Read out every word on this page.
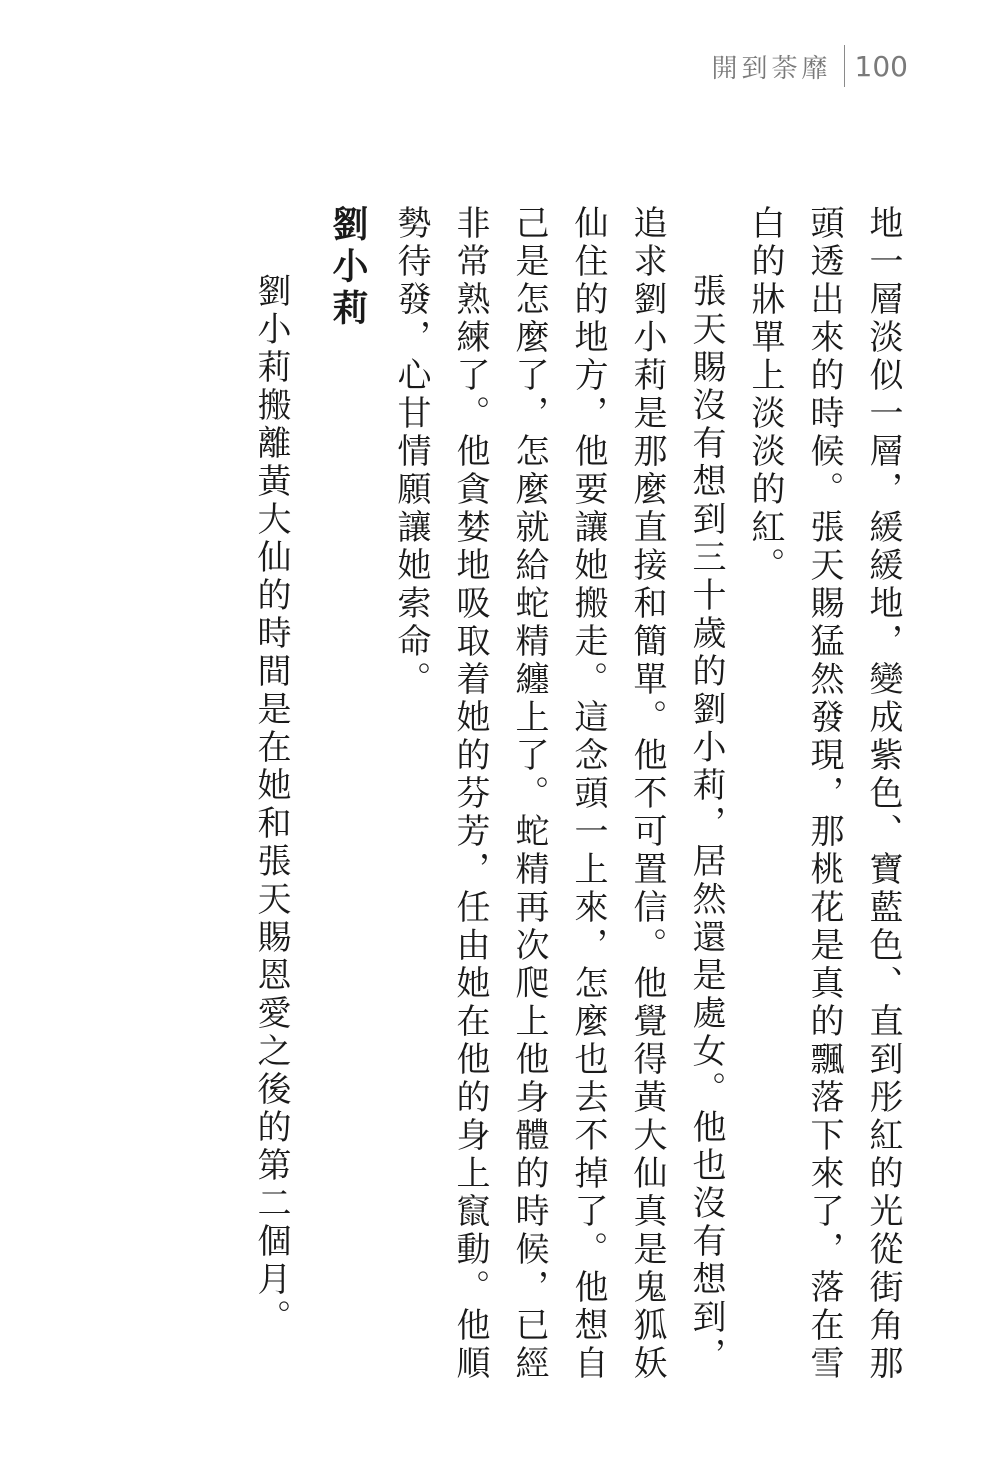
開到荼靡 100

地一層淡似一層，緩緩地，變成紫色、寶藍色、直到彤紅的光從街角那頭透出來的時候。張天賜猛然發現，那桃花是真的飄落下來了，落在雪白的牀單上淡淡的紅。

張天賜沒有想到三十歲的劉小莉，居然還是處女。他也沒有想到，追求劉小莉是那麼直接和簡單。他不可置信。他覺得黃大仙真是鬼狐妖仙住的地方，他要讓她搬走。這念頭一上來，怎麼也去不掉了。他想自己是怎麼了，怎麼就給蛇精纏上了。蛇精再次爬上他身體的時候，已經非常熟練了。他貪婪地吸取着她的芬芳，任由她在他的身上竄動。他順勢待發，心甘情願讓她索命。

劉小莉

劉小莉搬離黃大仙的時間是在她和張天賜恩愛之後的第二個月。
